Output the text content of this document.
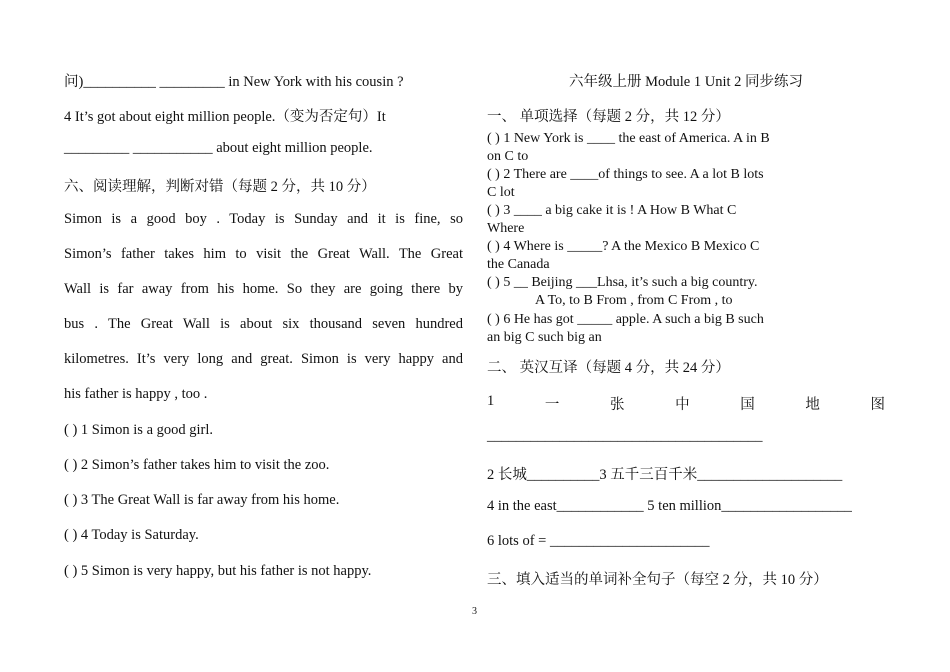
问)__________ _________ in New York with his cousin ?
4 It’s got about eight million people.（变为否定句）It
_________ ___________ about eight million people.
六、阅读理解，判断对错（每题 2 分，共 10 分）
Simon is a good boy . Today is Sunday and it is fine, so
Simon’s father takes him to visit the Great Wall. The Great
Wall is far away from his home. So they are going there by
bus . The Great Wall is about six thousand seven hundred
kilometres. It’s very long and great. Simon is very happy and
his father is happy , too .
( ) 1 Simon is a good girl.
( ) 2 Simon’s father takes him to visit the zoo.
( ) 3 The Great Wall is far away from his home.
( ) 4 Today is Saturday.
( ) 5 Simon is very happy, but his father is not happy.
六年级上册 Module 1 Unit 2 同步练习
一、 单项选择（每题 2 分，共 12 分）
( ) 1 New York is ____ the east of America. A in B
on C to
( ) 2 There are ____of things to see. A a lot B lots
C lot
( ) 3 ____ a big cake it is ! A How B What C
Where
( ) 4 Where is _____? A the Mexico B Mexico C
the Canada
( ) 5 __ Beijing ___Lhsa, it’s such a big country.
A To, to B From , from C From , to
( ) 6 He has got _____ apple. A such a big B such
an big C such big an
二、 英汉互译（每题 4 分，共 24 分）
1	一	张	中	国	地	图
______________________________________
2 长城__________3 五千三百千米____________________
4 in the east____________ 5 ten million__________________
6 lots of = ______________________
三、填入适当的单词补全句子（每空 2 分，共 10 分）
3
